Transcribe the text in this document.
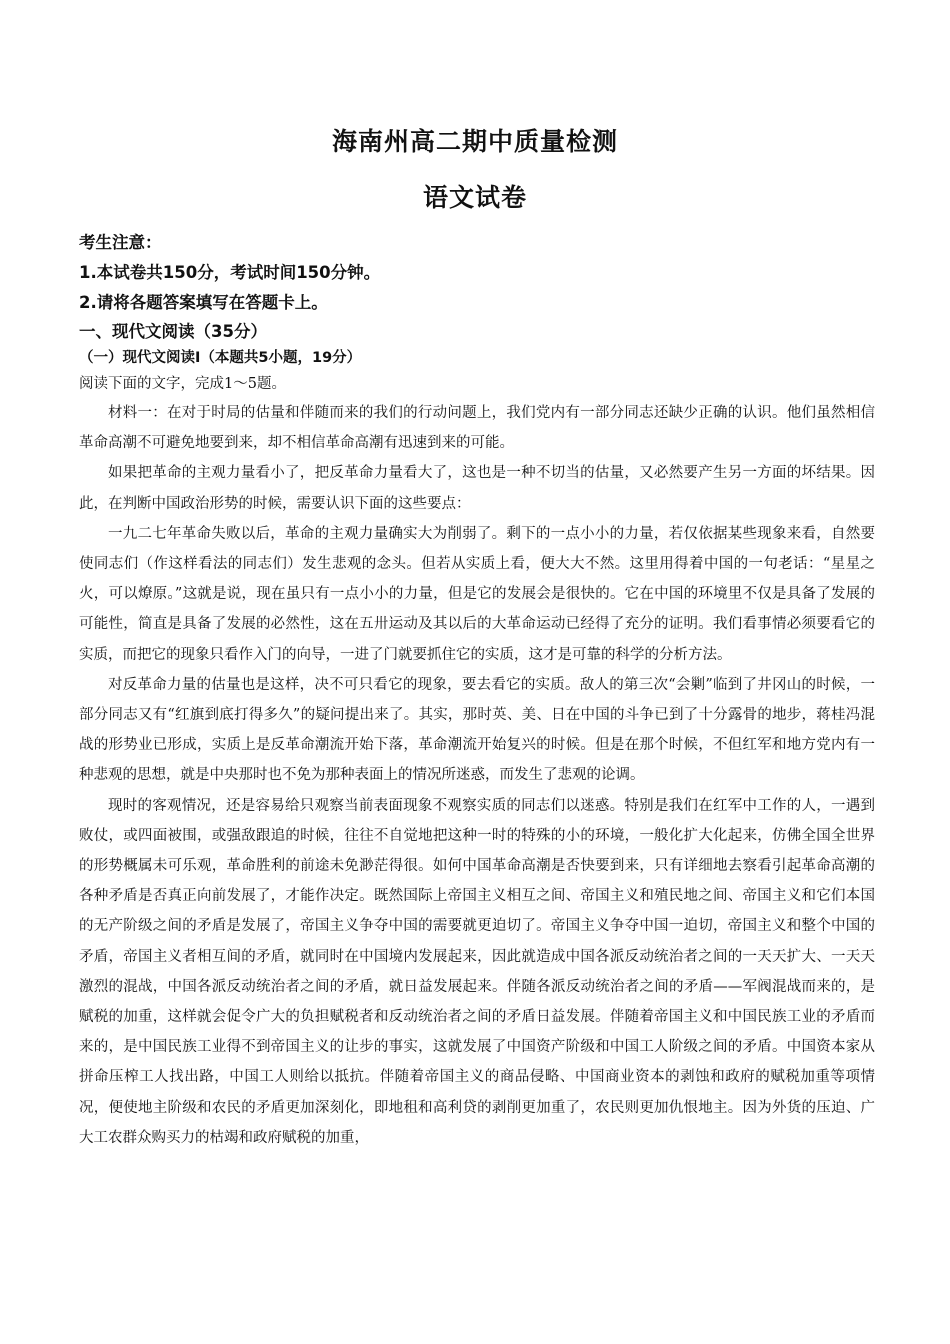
海南州高二期中质量检测
语文试卷
考生注意：
1.本试卷共150分，考试时间150分钟。
2.请将各题答案填写在答题卡上。
一、现代文阅读（35分）
（一）现代文阅读Ⅰ（本题共5小题，19分）
阅读下面的文字，完成1～5题。

材料一：在对于时局的估量和伴随而来的我们的行动问题上，我们党内有一部分同志还缺少正确的认识。他们虽然相信革命高潮不可避免地要到来，却不相信革命高潮有迅速到来的可能。

如果把革命的主观力量看小了，把反革命力量看大了，这也是一种不切当的估量，又必然要产生另一方面的坏结果。因此，在判断中国政治形势的时候，需要认识下面的这些要点：

一九二七年革命失败以后，革命的主观力量确实大为削弱了。剩下的一点小小的力量，若仅依据某些现象来看，自然要使同志们（作这样看法的同志们）发生悲观的念头。但若从实质上看，便大大不然。这里用得着中国的一句老话：“星星之火，可以燎原。”这就是说，现在虽只有一点小小的力量，但是它的发展会是很快的。它在中国的环境里不仅是具备了发展的可能性，简直是具备了发展的必然性，这在五卅运动及其以后的大革命运动已经得了充分的证明。我们看事情必须要看它的实质，而把它的现象只看作入门的向导，一进了门就要抓住它的实质，这才是可靠的科学的分析方法。

对反革命力量的估量也是这样，决不可只看它的现象，要去看它的实质。敌人的第三次“会剿”临到了井冈山的时候，一部分同志又有“红旗到底打得多久”的疑问提出来了。其实，那时英、美、日在中国的斗争已到了十分露骨的地步，蒋桂冯混战的形势业已形成，实质上是反革命潮流开始下落，革命潮流开始复兴的时候。但是在那个时候，不但红军和地方党内有一种悲观的思想，就是中央那时也不免为那种表面上的情况所迷惑，而发生了悲观的论调。

现时的客观情况，还是容易给只观察当前表面现象不观察实质的同志们以迷惑。特别是我们在红军中工作的人，一遇到败仗，或四面被围，或强敌跟追的时候，往往不自觉地把这种一时的特殊的小的环境，一般化扩大化起来，仿佛全国全世界的形势概属未可乐观，革命胜利的前途未免渺茫得很。如何中国革命高潮是否快要到来，只有详细地去察看引起革命高潮的各种矛盾是否真正向前发展了，才能作决定。既然国际上帝国主义相互之间、帝国主义和殖民地之间、帝国主义和它们本国的无产阶级之间的矛盾是发展了，帝国主义争夺中国的需要就更迫切了。帝国主义争夺中国一迫切，帝国主义和整个中国的矛盾，帝国主义者相互间的矛盾，就同时在中国境内发展起来，因此就造成中国各派反动统治者之间的一天天扩大、一天天激烈的混战，中国各派反动统治者之间的矛盾，就日益发展起来。伴随各派反动统治者之间的矛盾——军阀混战而来的，是赋税的加重，这样就会促令广大的负担赋税者和反动统治者之间的矛盾日益发展。伴随着帝国主义和中国民族工业的矛盾而来的，是中国民族工业得不到帝国主义的让步的事实，这就发展了中国资产阶级和中国工人阶级之间的矛盾。中国资本家从拼命压榨工人找出路，中国工人则给以抵抗。伴随着帝国主义的商品侵略、中国商业资本的剥蚀和政府的赋税加重等项情况，便使地主阶级和农民的矛盾更加深刻化，即地租和高利贷的剥削更加重了，农民则更加仇恨地主。因为外货的压迫、广大工农群众购买力的枯竭和政府赋税的加重，
